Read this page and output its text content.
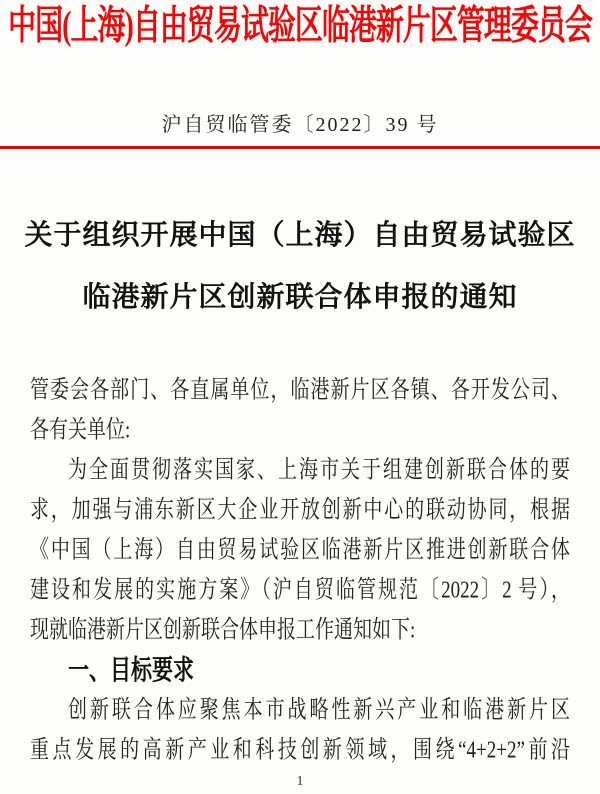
中国(上海)自由贸易试验区临港新片区管理委员会
沪自贸临管委〔2022〕39 号
关于组织开展中国（上海）自由贸易试验区
临港新片区创新联合体申报的通知
管委会各部门、各直属单位，临港新片区各镇、各开发公司、
各有关单位:
为全面贯彻落实国家、上海市关于组建创新联合体的要
求，加强与浦东新区大企业开放创新中心的联动协同，根据
《中国（上海）自由贸易试验区临港新片区推进创新联合体
建设和发展的实施方案》（沪自贸临管规范〔2022〕2 号），
现就临港新片区创新联合体申报工作通知如下:
一、目标要求
创新联合体应聚焦本市战略性新兴产业和临港新片区
重点发展的高新产业和科技创新领域，围绕“4+2+2”前沿
1
